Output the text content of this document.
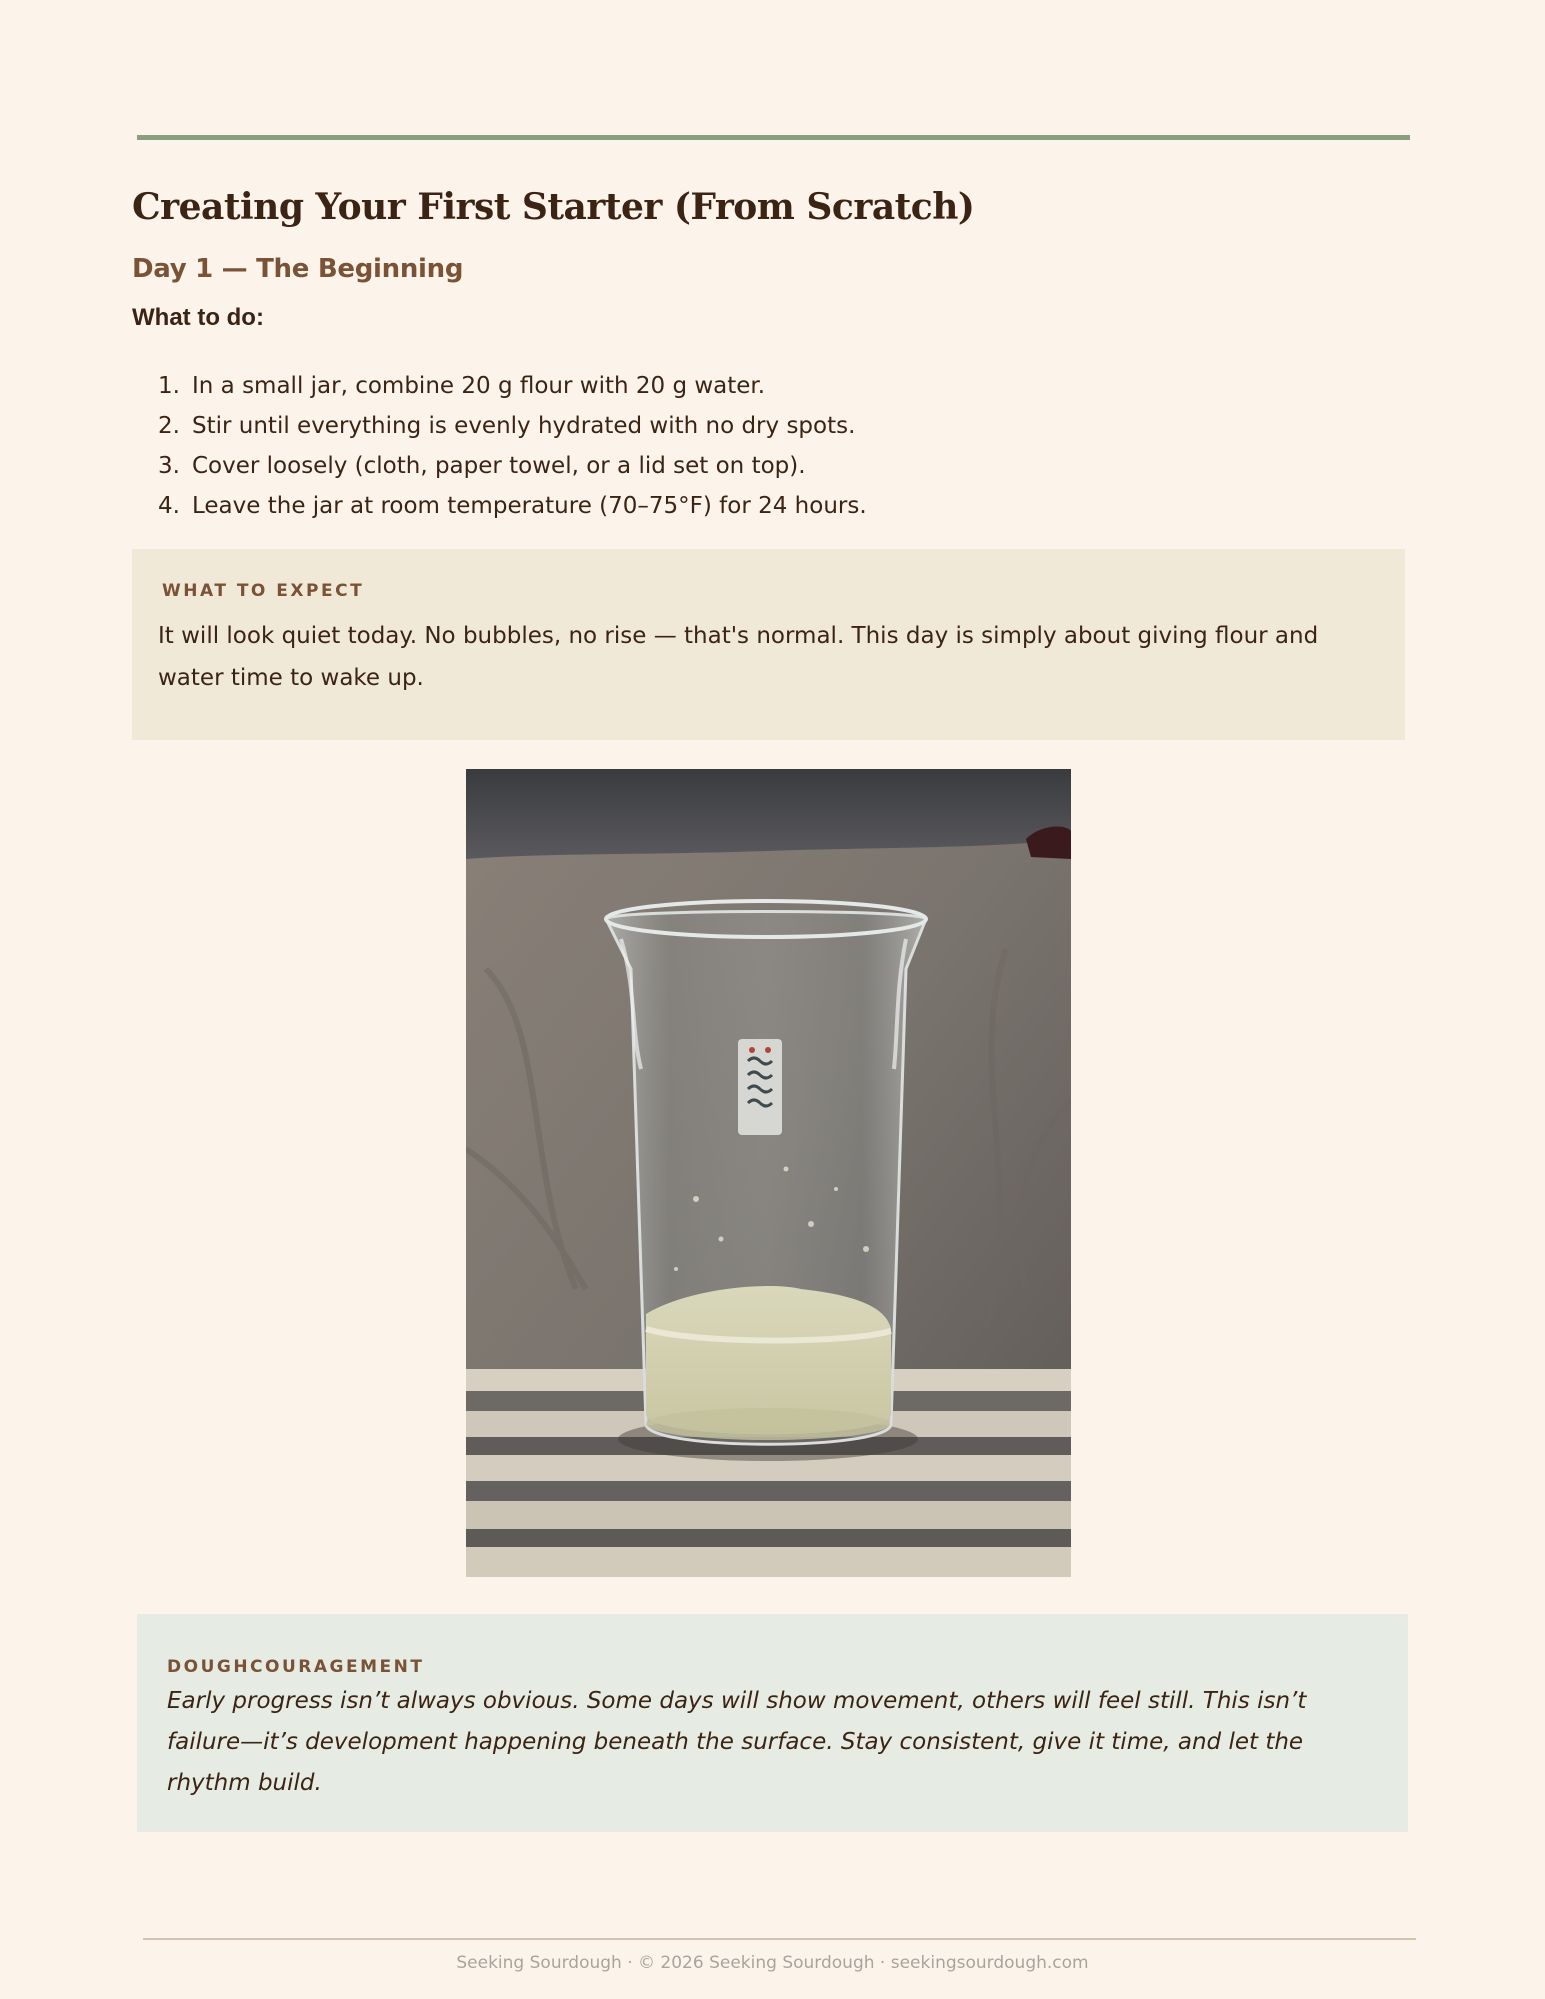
Creating Your First Starter (From Scratch)
Day 1 — The Beginning
What to do:
1. In a small jar, combine 20 g flour with 20 g water.
2. Stir until everything is evenly hydrated with no dry spots.
3. Cover loosely (cloth, paper towel, or a lid set on top).
4. Leave the jar at room temperature (70–75°F) for 24 hours.
WHAT TO EXPECT

It will look quiet today. No bubbles, no rise — that's normal. This day is simply about giving flour and water time to wake up.

DOUGHCOURAGEMENT

Early progress isn’t always obvious. Some days will show movement, others will feel still. This isn’t failure—it’s development happening beneath the surface. Stay consistent, give it time, and let the rhythm build.

Seeking Sourdough · © 2026 Seeking Sourdough · seekingsourdough.com
